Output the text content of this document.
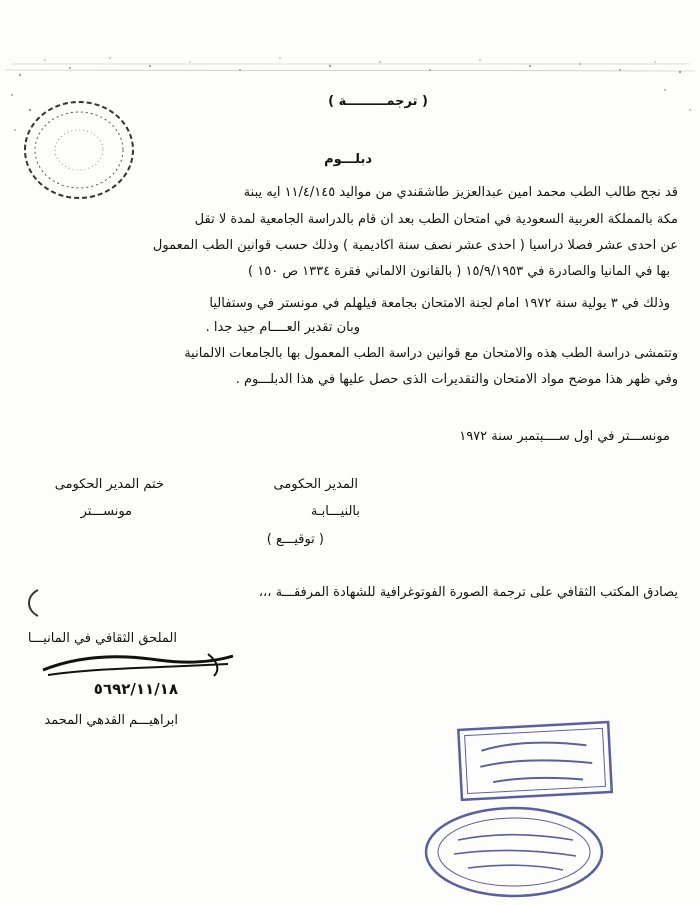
( ترجمـــــــــة )
دبلـــوم
قد نجح طالب الطب محمد امين عبدالعزيز طاشقندي من مواليد ١١/٤/١٤٥ ايه يبنة
مكة بالمملكة العربية السعودية في امتحان الطب بعد ان قام بالدراسة الجامعية لمدة لا تقل
عن احدى عشر فصلا دراسيا ( احدى عشر نصف سنة اكاديمية ) وذلك حسب قوانين الطب المعمول
بها في المانيا والصادرة في ١٥/٩/١٩٥٣ ( بالقانون الالماني فقرة ١٣٣٤ ص ١٥٠ )
وذلك في ٣ يولية سنة ١٩٧٢ امام لجنة الامتحان بجامعة فيلهلم في مونستر في وستفاليا
وبان تقدير العــــام جيد جدا .
وتتمشى دراسة الطب هذه والامتحان مع قوانين دراسة الطب المعمول بها بالجامعات الالمانية
وفي ظهر هذا موضح مواد الامتحان والتقديرات الذى حصل عليها في هذا الدبلـــوم .
مونســـتر في اول ســــبتمبر سنة ١٩٧٢
المدير الحكومى
بالنيـــابـة
( توقيـــع )
ختم المدير الحكومى
مونســـتر
يصادق المكتب الثقافي على ترجمة الصورة الفوتوغرافية للشهادة المرفقـــة ،،،
الملحق الثقافي في المانيـــا
٥٦٩٢/١١/١٨
ابراهيـــم القدهي المحمد
